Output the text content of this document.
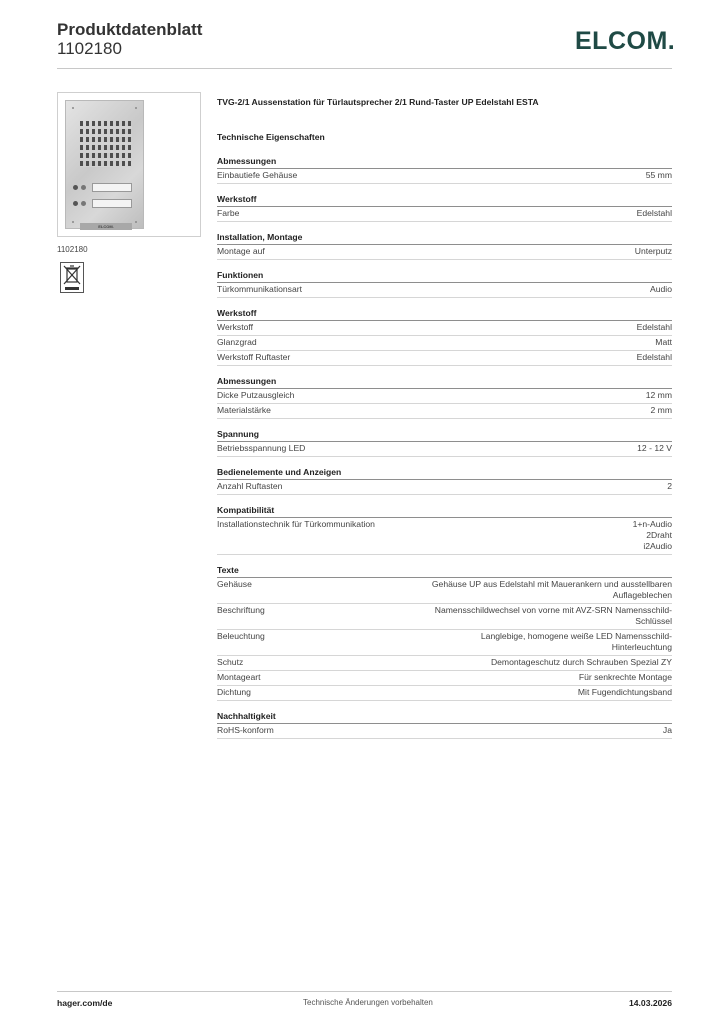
Produktdatenblatt
1102180	ELCOM.
ELCOM.
1102180
TVG-2/1 Aussenstation für Türlautsprecher 2/1 Rund-Taster UP Edelstahl ESTA
Technische Eigenschaften
Abmessungen
Einbautiefe Gehäuse	55 mm
Werkstoff
Farbe	Edelstahl
Installation, Montage
Montage auf	Unterputz
Funktionen
Türkommunikationsart	Audio
Werkstoff
Werkstoff	Edelstahl
Glanzgrad	Matt
Werkstoff Ruftaster	Edelstahl
Abmessungen
Dicke Putzausgleich	12 mm
Materialstärke	2 mm
Spannung
Betriebsspannung LED	12 - 12 V
Bedienelemente und Anzeigen
Anzahl Ruftasten	2
Kompatibilität
Installationstechnik für Türkommunikation	1+n-Audio
2Draht
i2Audio
Texte
Gehäuse	Gehäuse UP aus Edelstahl mit Mauerankern und ausstellbaren
Auflageblechen
Beschriftung	Namensschildwechsel von vorne mit AVZ-SRN Namensschild-
Schlüssel
Beleuchtung	Langlebige, homogene weiße LED Namensschild-
Hinterleuchtung
Schutz	Demontageschutz durch Schrauben Spezial ZY
Montageart	Für senkrechte Montage
Dichtung	Mit Fugendichtungsband
Nachhaltigkeit
RoHS-konform	Ja
hager.com/de	Technische Änderungen vorbehalten	14.03.2026
